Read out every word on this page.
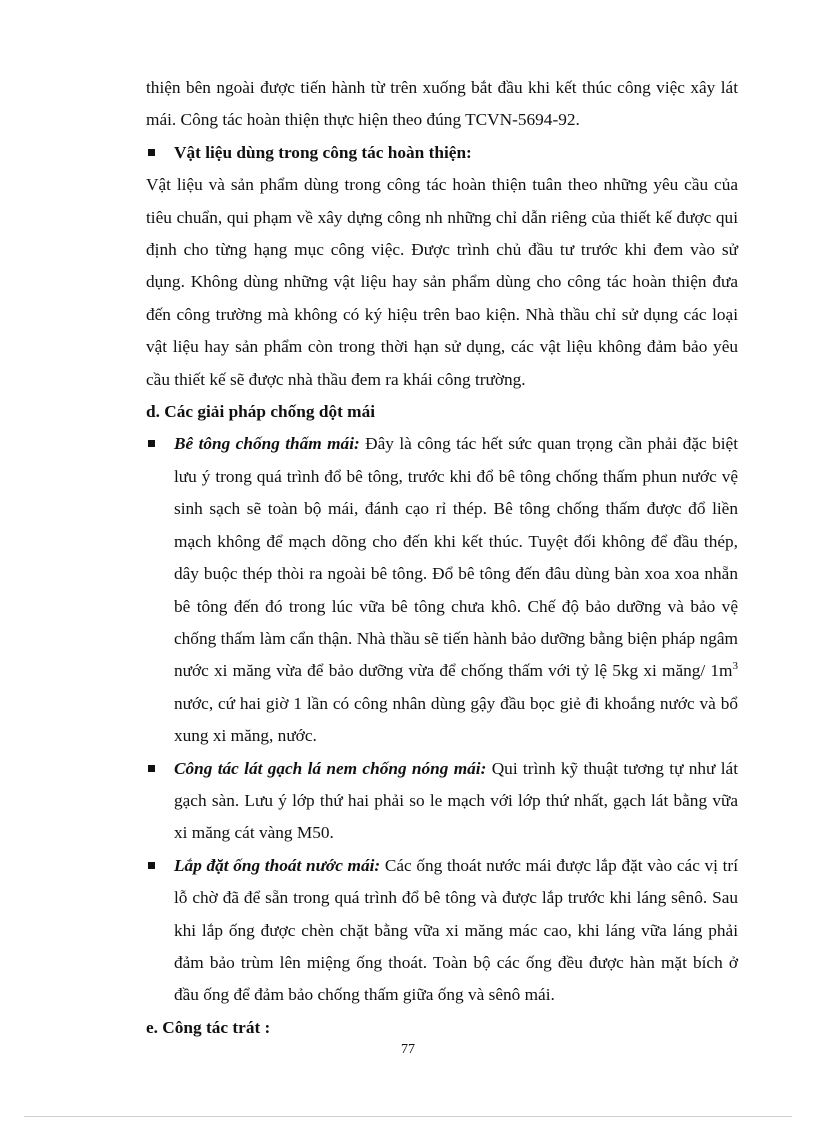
thiện bên ngoài được tiến hành từ trên xuống bắt đầu khi kết thúc công việc xây lát mái. Công tác hoàn thiện thực hiện theo đúng TCVN-5694-92.

Vật liệu dùng trong công tác hoàn thiện:

Vật liệu và sản phẩm dùng trong công tác hoàn thiện tuân theo những yêu cầu của tiêu chuẩn, qui phạm về xây dựng công nh những chỉ dẫn riêng của thiết kế được qui định cho từng hạng mục công việc. Được trình chủ đầu tư trước khi đem vào sử dụng. Không dùng những vật liệu hay sản phẩm dùng cho công tác hoàn thiện đưa đến công trường mà không có ký hiệu trên bao kiện. Nhà thầu chỉ sử dụng các loại vật liệu hay sản phẩm còn trong thời hạn sử dụng, các vật liệu không đảm bảo yêu cầu thiết kế sẽ được nhà thầu đem ra khái công trường.

d. Các giải pháp chống dột mái

Bê tông chống thấm mái: Đây là công tác hết sức quan trọng cần phải đặc biệt lưu ý trong quá trình đổ bê tông, trước khi đổ bê tông chống thấm phun nước vệ sinh sạch sẽ toàn bộ mái, đánh cạo rỉ thép. Bê tông chống thấm được đổ liền mạch không để mạch dõng cho đến khi kết thúc. Tuyệt đối không để đầu thép, dây buộc thép thòi ra ngoài bê tông. Đổ bê tông đến đâu dùng bàn xoa xoa nhẵn bê tông đến đó trong lúc vữa bê tông chưa khô. Chế độ bảo dưỡng và bảo vệ chống thấm làm cẩn thận. Nhà thầu sẽ tiến hành bảo dưỡng bằng biện pháp ngâm nước xi măng vừa để bảo dưỡng vừa để chống thấm với tỷ lệ 5kg xi măng/ $1m^3$ nước, cứ hai giờ 1 lần có công nhân dùng gậy đầu bọc giẻ đi khoắng nước và bổ xung xi măng, nước.

Công tác lát gạch lá nem chống nóng mái: Qui trình kỹ thuật tương tự như lát gạch sàn. Lưu ý lớp thứ hai phải so le mạch với lớp thứ nhất, gạch lát bằng vữa xi măng cát vàng M50.

Lắp đặt ống thoát nước mái: Các ống thoát nước mái được lắp đặt vào các vị trí lỗ chờ đã để sẵn trong quá trình đổ bê tông và được lắp trước khi láng sênô. Sau khi lắp ống được chèn chặt bằng vữa xi măng mác cao, khi láng vữa láng phải đảm bảo trùm lên miệng ống thoát. Toàn bộ các ống đều được hàn mặt bích ở đầu ống để đảm bảo chống thấm giữa ống và sênô mái.

e. Công tác trát :

77
